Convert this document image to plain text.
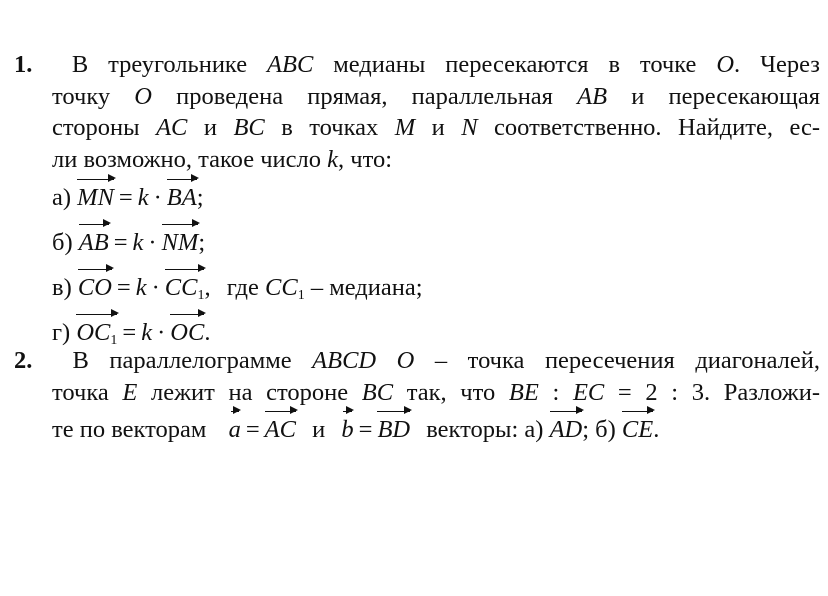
1. В треугольнике ABC медианы пересекаются в точке O. Через
точку O проведена прямая, параллельная AB и пересекающая
стороны AC и BC в точках M и N соответственно. Найдите, ес-
ли возможно, такое число k, что:
а) MN = k · BA;
б) AB = k · NM;
в) CO = $k \cdot CC_1$, где $CC_1$ – медиана;
г) $OC_1 = k$ · OC.
2. В параллелограмме ABCD O – точка пересечения диагоналей,
точка E лежит на стороне BC так, что BE : EC = 2 : 3. Разложи-
те по векторам a = AC и b = BD векторы: а) AD; б) CE.
